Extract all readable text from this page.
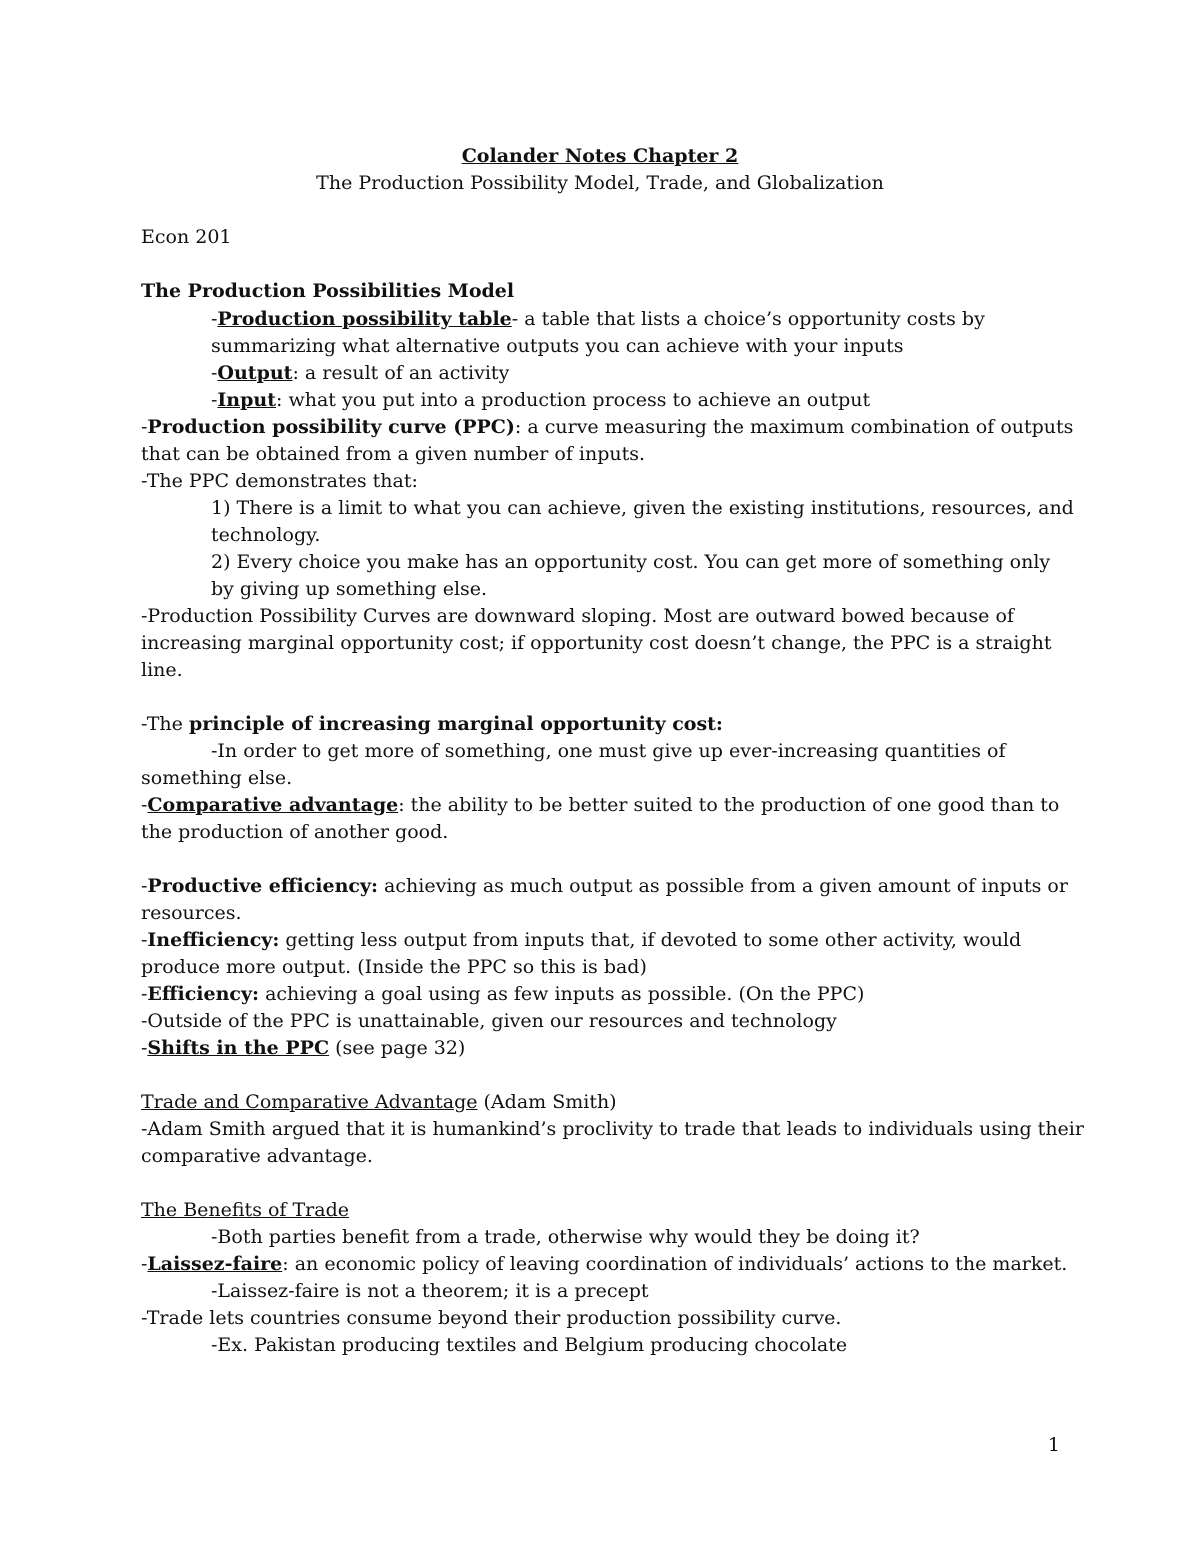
Colander Notes Chapter 2
The Production Possibility Model, Trade, and Globalization
Econ 201
The Production Possibilities Model
-Production possibility table- a table that lists a choice’s opportunity costs by
summarizing what alternative outputs you can achieve with your inputs
-Output: a result of an activity
-Input: what you put into a production process to achieve an output
-Production possibility curve (PPC): a curve measuring the maximum combination of outputs
that can be obtained from a given number of inputs.
-The PPC demonstrates that:
1) There is a limit to what you can achieve, given the existing institutions, resources, and
technology.
2) Every choice you make has an opportunity cost. You can get more of something only
by giving up something else.
-Production Possibility Curves are downward sloping. Most are outward bowed because of
increasing marginal opportunity cost; if opportunity cost doesn’t change, the PPC is a straight
line.
-The principle of increasing marginal opportunity cost:
-In order to get more of something, one must give up ever-increasing quantities of
something else.
-Comparative advantage: the ability to be better suited to the production of one good than to
the production of another good.
-Productive efficiency: achieving as much output as possible from a given amount of inputs or
resources.
-Inefficiency: getting less output from inputs that, if devoted to some other activity, would
produce more output. (Inside the PPC so this is bad)
-Efficiency: achieving a goal using as few inputs as possible. (On the PPC)
-Outside of the PPC is unattainable, given our resources and technology
-Shifts in the PPC (see page 32)
Trade and Comparative Advantage (Adam Smith)
-Adam Smith argued that it is humankind’s proclivity to trade that leads to individuals using their
comparative advantage.
The Benefits of Trade
-Both parties benefit from a trade, otherwise why would they be doing it?
-Laissez-faire: an economic policy of leaving coordination of individuals’ actions to the market.
-Laissez-faire is not a theorem; it is a precept
-Trade lets countries consume beyond their production possibility curve.
-Ex. Pakistan producing textiles and Belgium producing chocolate
1
